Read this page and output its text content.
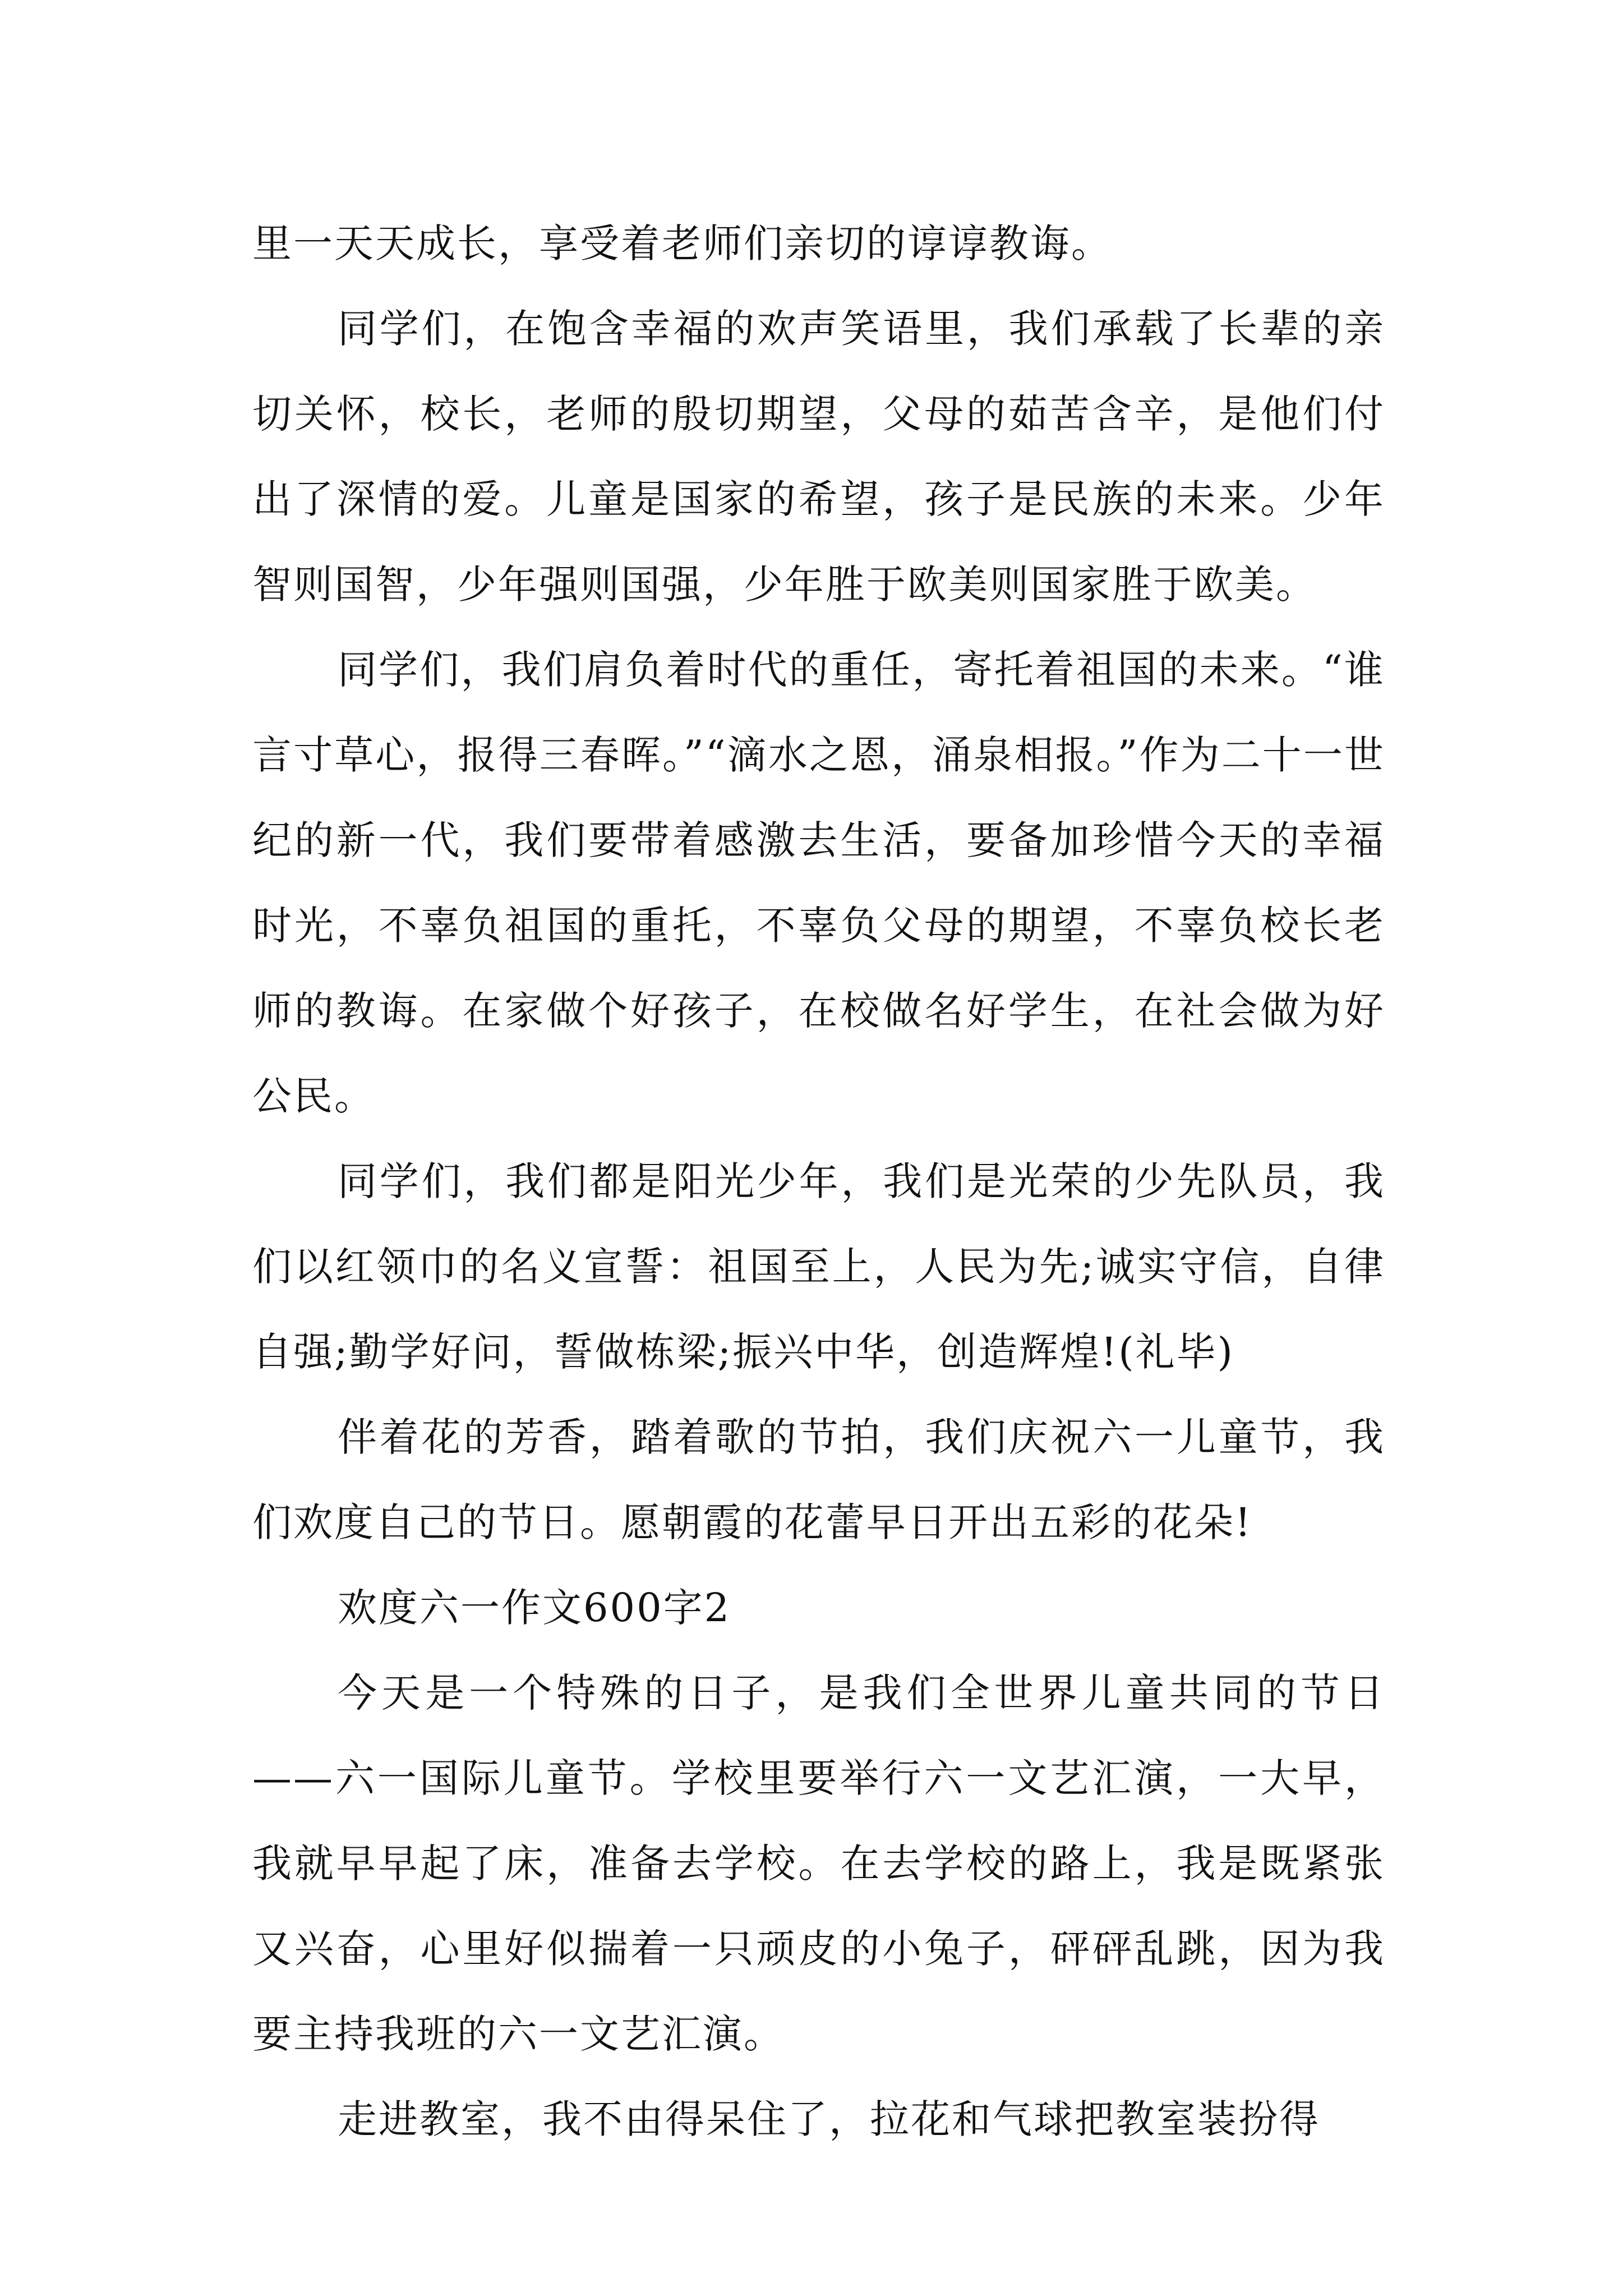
里一天天成长，享受着老师们亲切的谆谆教诲。

同学们，在饱含幸福的欢声笑语里，我们承载了长辈的亲切关怀，校长，老师的殷切期望，父母的茹苦含辛，是他们付出了深情的爱。儿童是国家的希望，孩子是民族的未来。少年智则国智，少年强则国强，少年胜于欧美则国家胜于欧美。

同学们，我们肩负着时代的重任，寄托着祖国的未来。“谁言寸草心，报得三春晖。”“滴水之恩，涌泉相报。”作为二十一世纪的新一代，我们要带着感激去生活，要备加珍惜今天的幸福时光，不辜负祖国的重托，不辜负父母的期望，不辜负校长老师的教诲。在家做个好孩子，在校做名好学生，在社会做为好公民。

同学们，我们都是阳光少年，我们是光荣的少先队员，我们以红领巾的名义宣誓：祖国至上，人民为先;诚实守信，自律自强;勤学好问，誓做栋梁;振兴中华，创造辉煌!(礼毕)

伴着花的芳香，踏着歌的节拍，我们庆祝六一儿童节，我们欢度自己的节日。愿朝霞的花蕾早日开出五彩的花朵!

欢度六一作文600字2

今天是一个特殊的日子，是我们全世界儿童共同的节日——六一国际儿童节。学校里要举行六一文艺汇演，一大早，我就早早起了床，准备去学校。在去学校的路上，我是既紧张又兴奋，心里好似揣着一只顽皮的小兔子，砰砰乱跳，因为我要主持我班的六一文艺汇演。

走进教室，我不由得呆住了，拉花和气球把教室装扮得
